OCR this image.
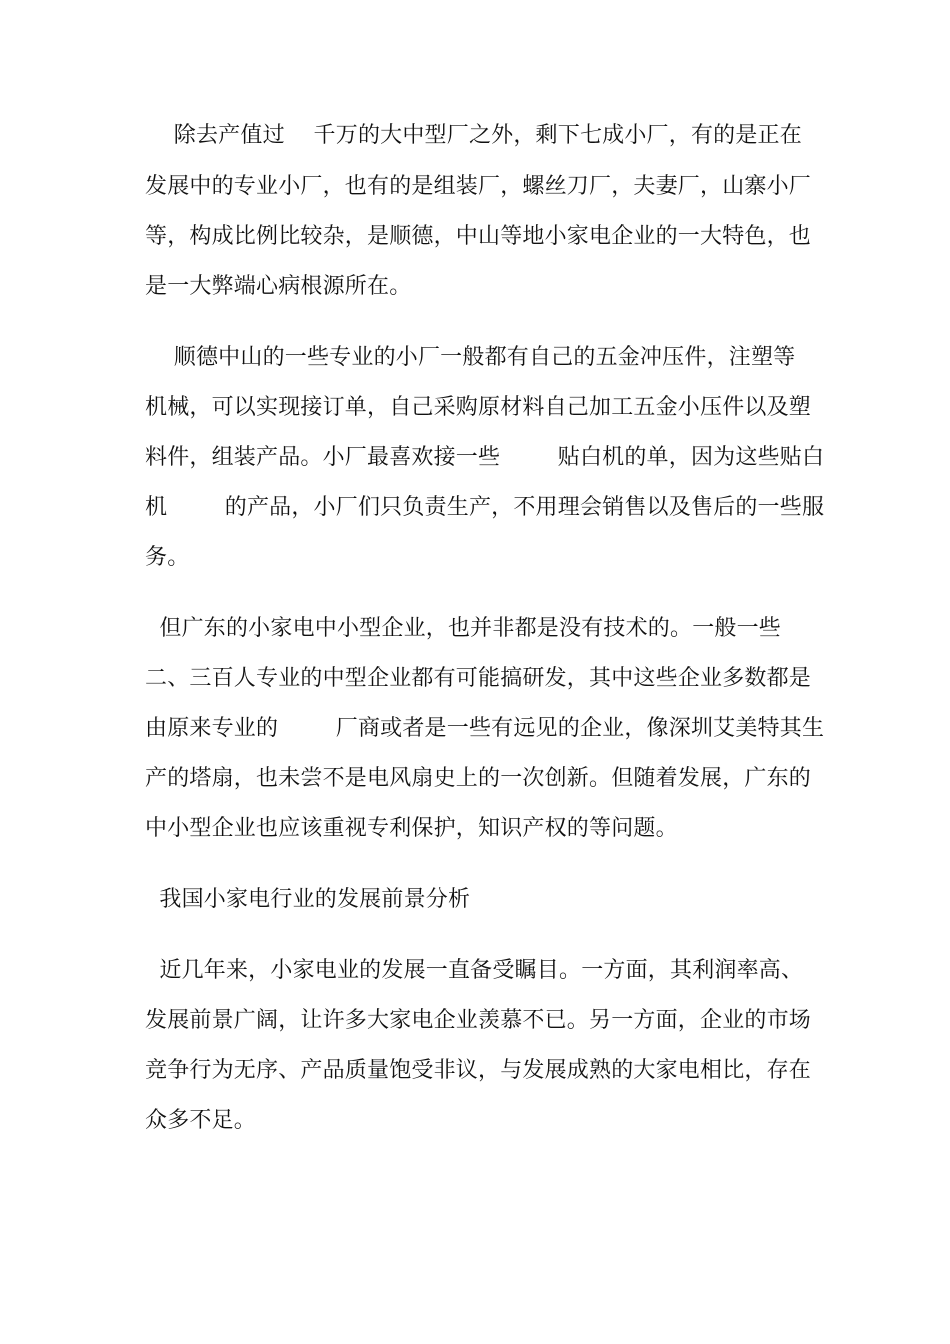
除去产值过    千万的大中型厂之外，剩下七成小厂，有的是正在
发展中的专业小厂，也有的是组装厂，螺丝刀厂，夫妻厂，山寨小厂
等，构成比例比较杂，是顺德，中山等地小家电企业的一大特色，也
是一大弊端心病根源所在。
顺德中山的一些专业的小厂一般都有自己的五金冲压件，注塑等
机械，可以实现接订单，自己采购原材料自己加工五金小压件以及塑
料件，组装产品。小厂最喜欢接一些        贴白机的单，因为这些贴白
机        的产品，小厂们只负责生产，不用理会销售以及售后的一些服
务。
但广东的小家电中小型企业，也并非都是没有技术的。一般一些
二、三百人专业的中型企业都有可能搞研发，其中这些企业多数都是
由原来专业的        厂商或者是一些有远见的企业，像深圳艾美特其生
产的塔扇，也未尝不是电风扇史上的一次创新。但随着发展，广东的
中小型企业也应该重视专利保护，知识产权的等问题。
我国小家电行业的发展前景分析
近几年来，小家电业的发展一直备受瞩目。一方面，其利润率高、
发展前景广阔，让许多大家电企业羡慕不已。另一方面，企业的市场
竞争行为无序、产品质量饱受非议，与发展成熟的大家电相比，存在
众多不足。
